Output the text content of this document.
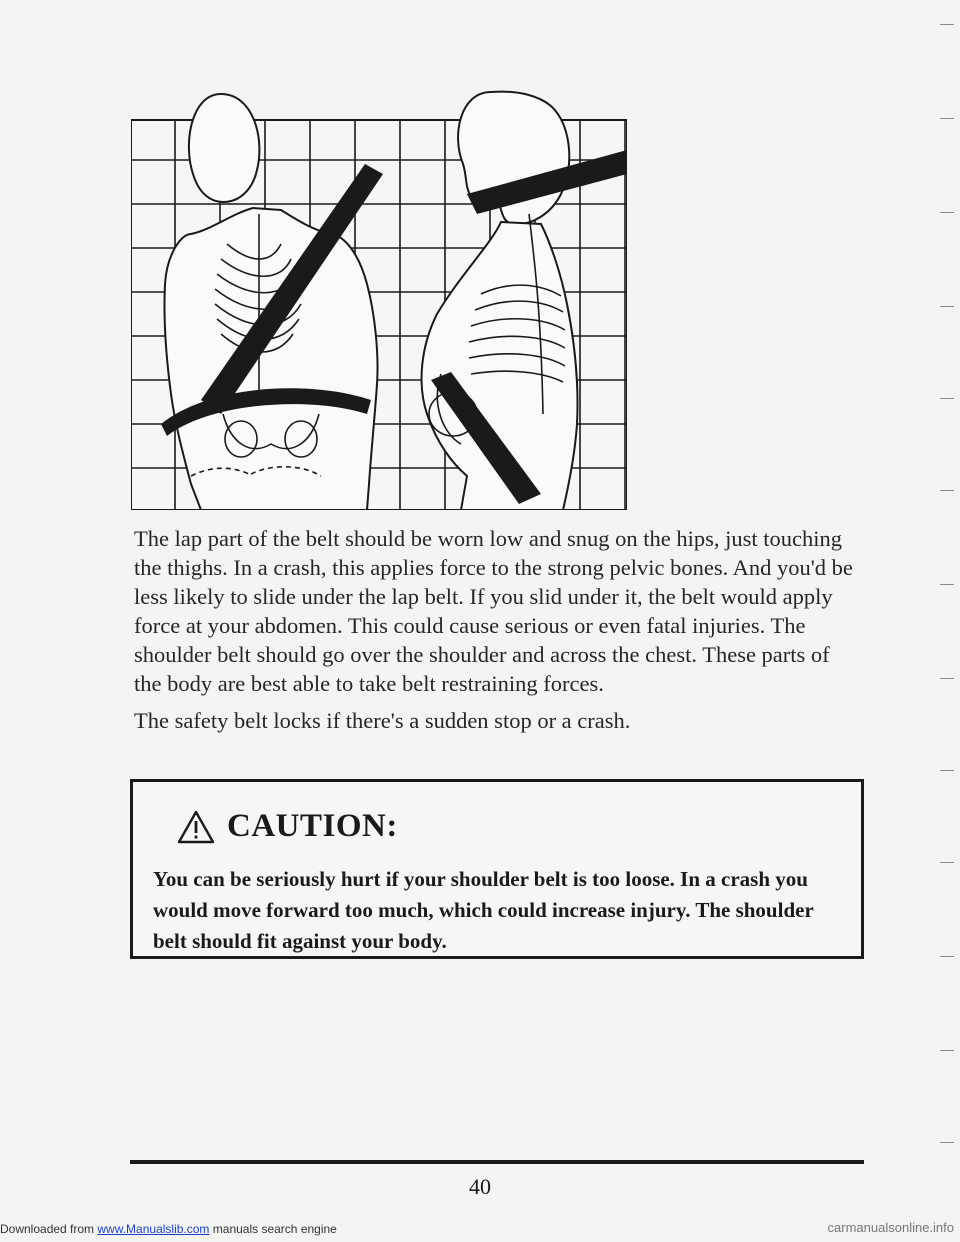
The lap part of the belt should be worn low and snug on the hips, just touching the thighs. In a crash, this applies force to the strong pelvic bones. And you'd be less likely to slide under the lap belt. If you slid under it, the belt would apply force at your abdomen. This could cause serious or even fatal injuries. The shoulder belt should go over the shoulder and across the chest. These parts of the body are best able to take belt restraining forces.

The safety belt locks if there's a sudden stop or a crash.

CAUTION:
You can be seriously hurt if your shoulder belt is too loose. In a crash you would move forward too much, which could increase injury. The shoulder belt should fit against your body.
40
Downloaded from www.Manualslib.com manuals search engine	carmanualsonline.info
